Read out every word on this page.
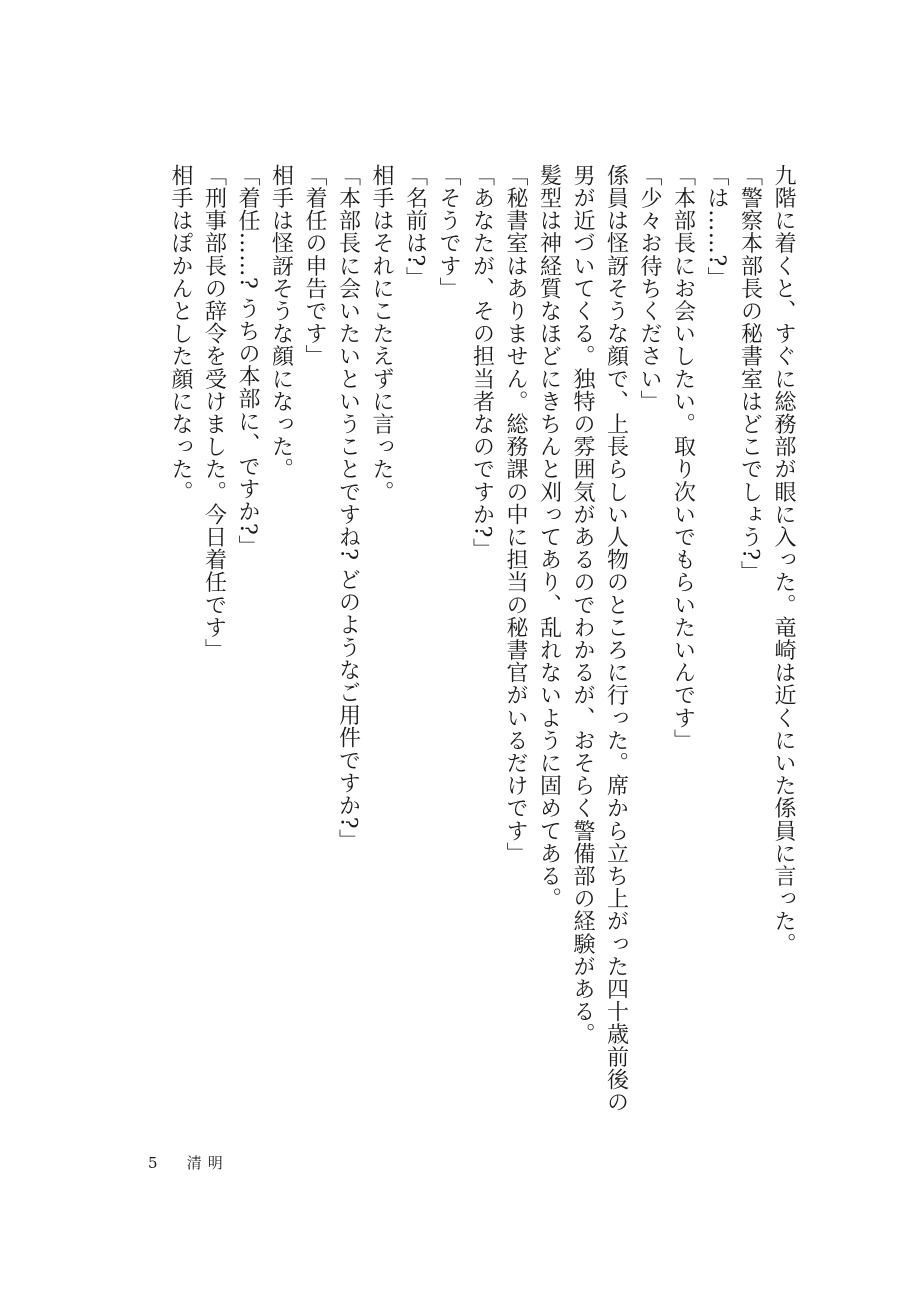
九階に着くと、すぐに総務部が眼に入った。竜崎は近くにいた係員に言った。
「警察本部長の秘書室はどこでしょう?」
「は……?」
「本部長にお会いしたい。取り次いでもらいたいんです」
「少々お待ちください」
係員は怪訝そうな顔で、上長らしい人物のところに行った。席から立ち上がった四十歳前後の
男が近づいてくる。独特の雰囲気があるのでわかるが、おそらく警備部の経験がある。
髪型は神経質なほどにきちんと刈ってあり、乱れないように固めてある。
「秘書室はありません。総務課の中に担当の秘書官がいるだけです」
「あなたが、その担当者なのですか?」
「そうです」
「名前は?」
相手はそれにこたえずに言った。
「本部長に会いたいということですね? どのようなご用件ですか?」
「着任の申告です」
相手は怪訝そうな顔になった。
「着任……? うちの本部に、ですか?」
「刑事部長の辞令を受けました。今日着任です」
相手はぽかんとした顔になった。
5 清明
